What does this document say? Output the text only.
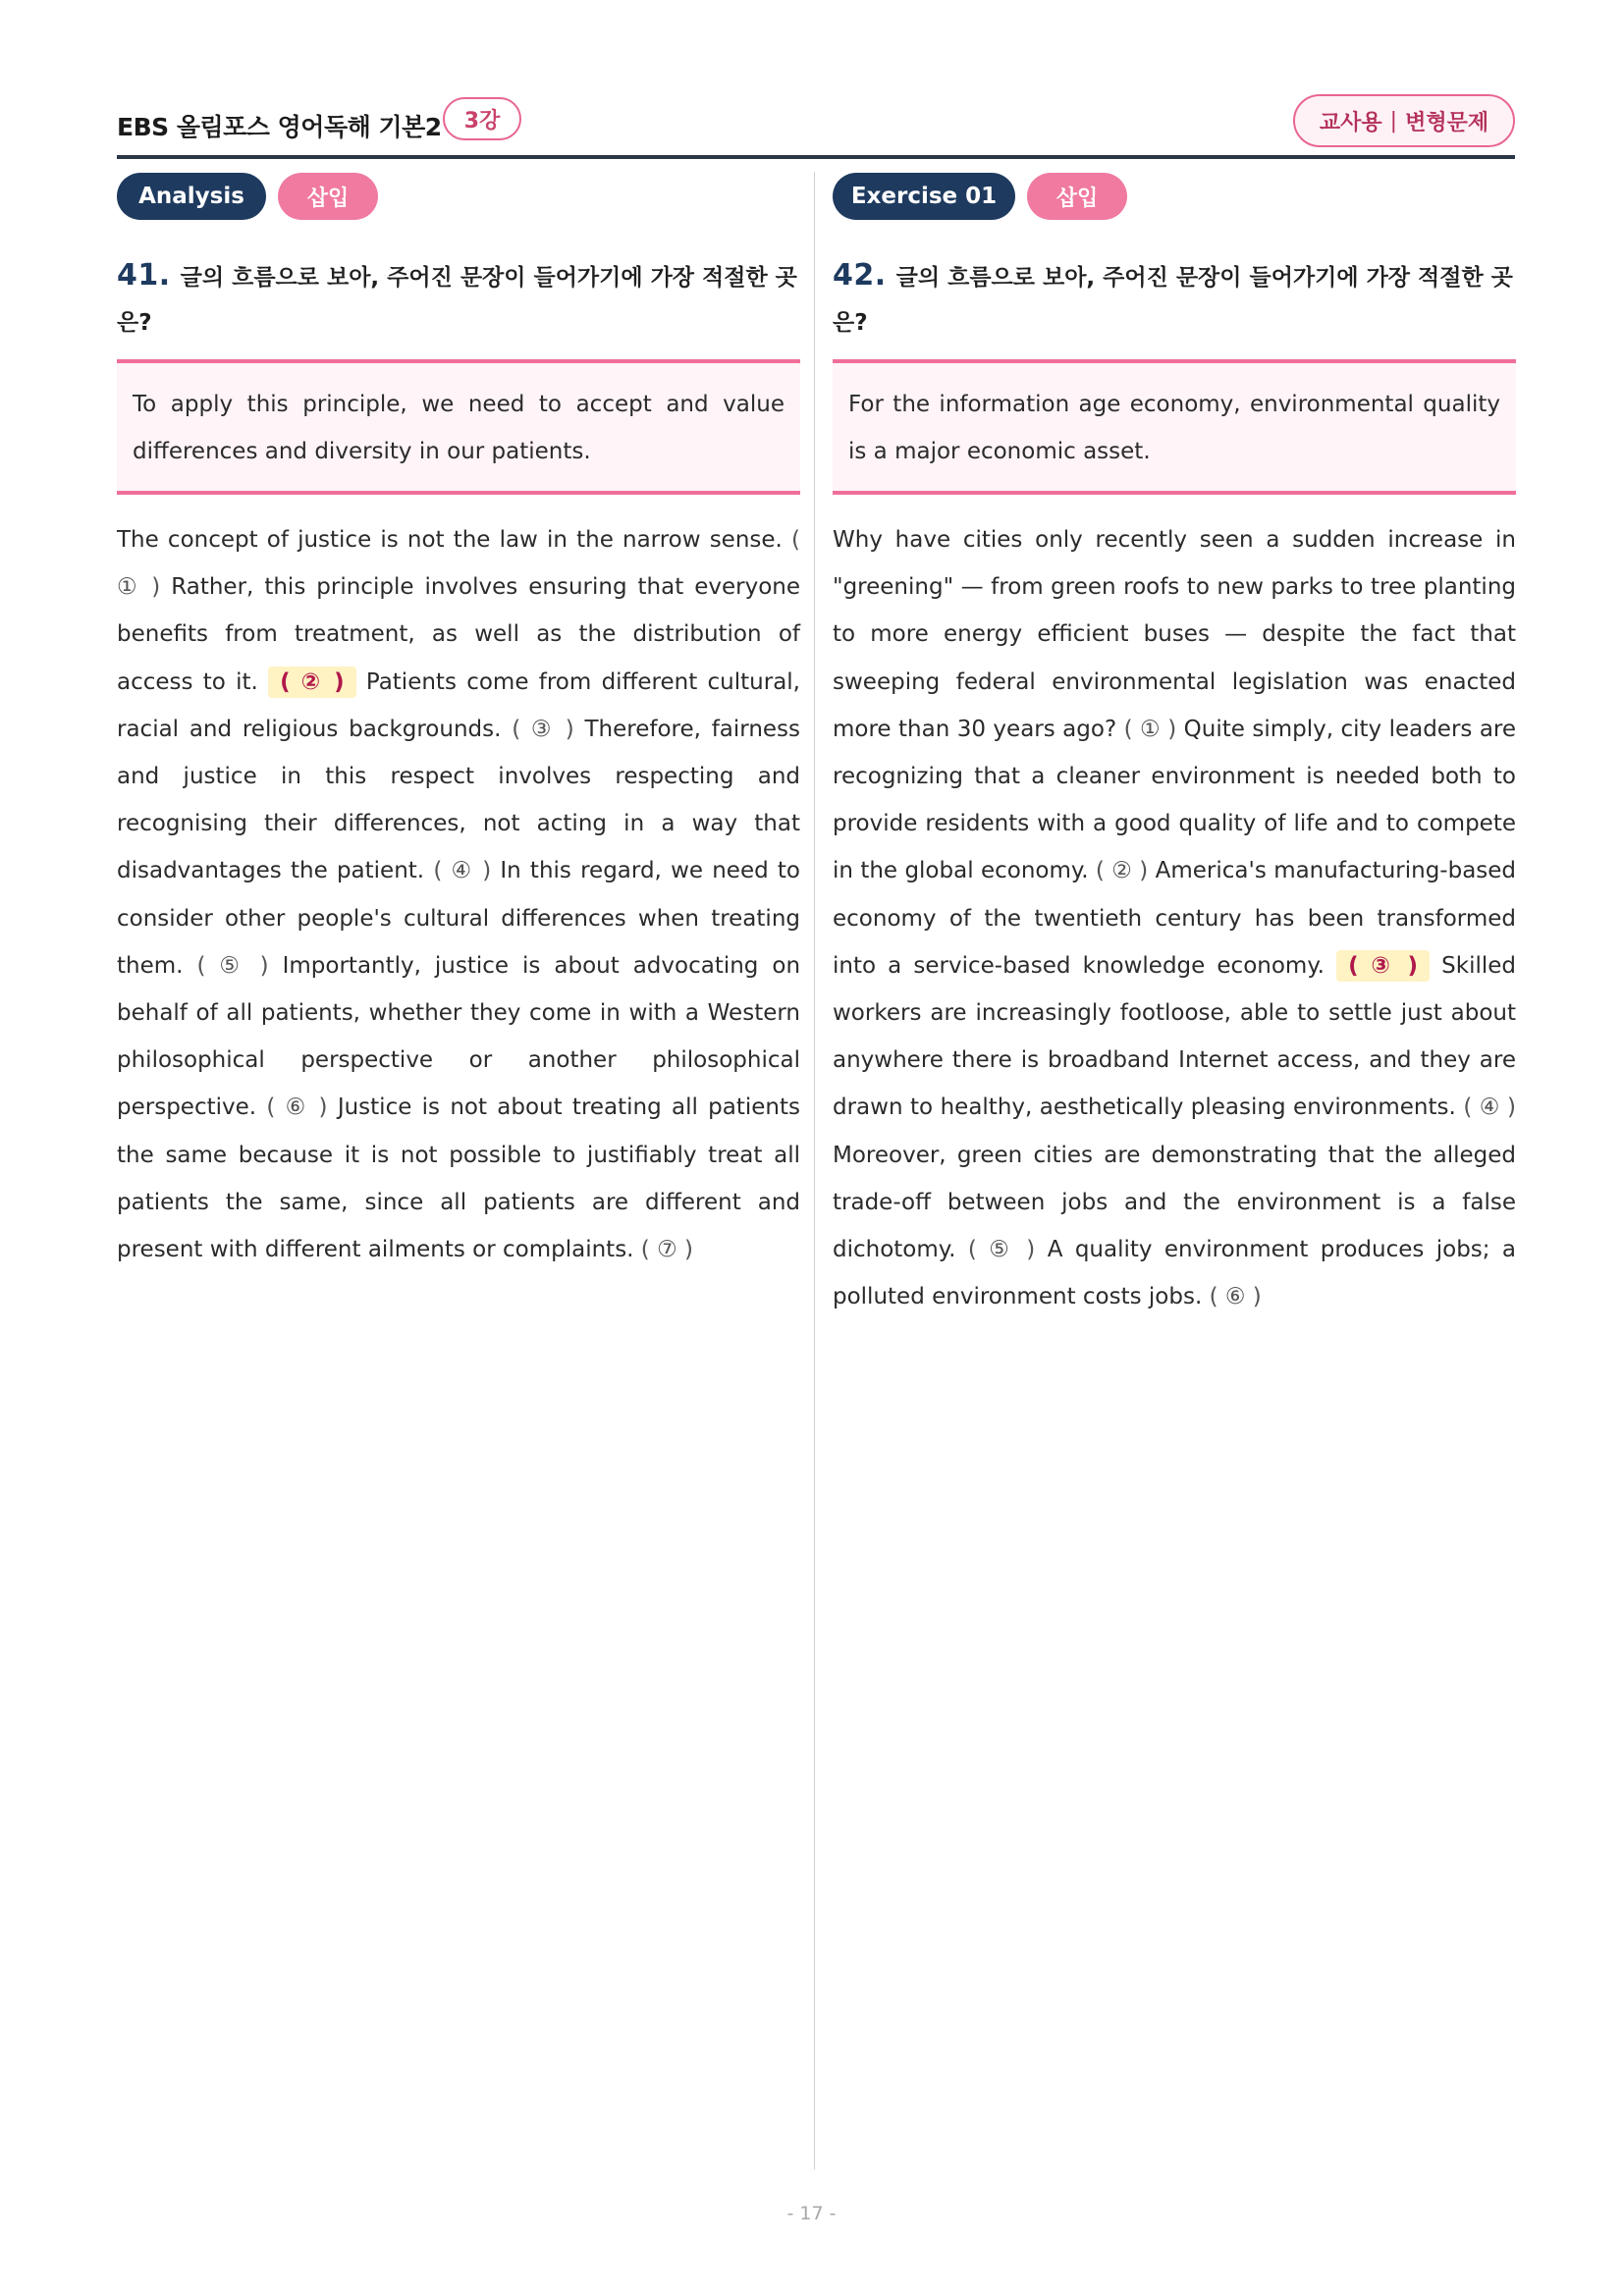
EBS 올림포스 영어독해 기본2	3강	교사용 | 변형문제
Analysis	삽입
41. 글의 흐름으로 보아, 주어진 문장이 들어가기에 가장 적절한 곳은?
To apply this principle, we need to accept and value differences and diversity in our patients.
The concept of justice is not the law in the narrow sense. ( ① ) Rather, this principle involves ensuring that everyone benefits from treatment, as well as the distribution of access to it. ( ② ) Patients come from different cultural, racial and religious backgrounds. ( ③ ) Therefore, fairness and justice in this respect involves respecting and recognising their differences, not acting in a way that disadvantages the patient. ( ④ ) In this regard, we need to consider other people's cultural differences when treating them. ( ⑤ ) Importantly, justice is about advocating on behalf of all patients, whether they come in with a Western philosophical perspective or another philosophical perspective. ( ⑥ ) Justice is not about treating all patients the same because it is not possible to justifiably treat all patients the same, since all patients are different and present with different ailments or complaints. ( ⑦ )
Exercise 01	삽입
42. 글의 흐름으로 보아, 주어진 문장이 들어가기에 가장 적절한 곳은?
For the information age economy, environmental quality is a major economic asset.
Why have cities only recently seen a sudden increase in "greening" — from green roofs to new parks to tree planting to more energy efficient buses — despite the fact that sweeping federal environmental legislation was enacted more than 30 years ago? ( ① ) Quite simply, city leaders are recognizing that a cleaner environment is needed both to provide residents with a good quality of life and to compete in the global economy. ( ② ) America's manufacturing-based economy of the twentieth century has been transformed into a service-based knowledge economy. ( ③ ) Skilled workers are increasingly footloose, able to settle just about anywhere there is broadband Internet access, and they are drawn to healthy, aesthetically pleasing environments. ( ④ ) Moreover, green cities are demonstrating that the alleged trade-off between jobs and the environment is a false dichotomy. ( ⑤ ) A quality environment produces jobs; a polluted environment costs jobs. ( ⑥ )
- 17 -
